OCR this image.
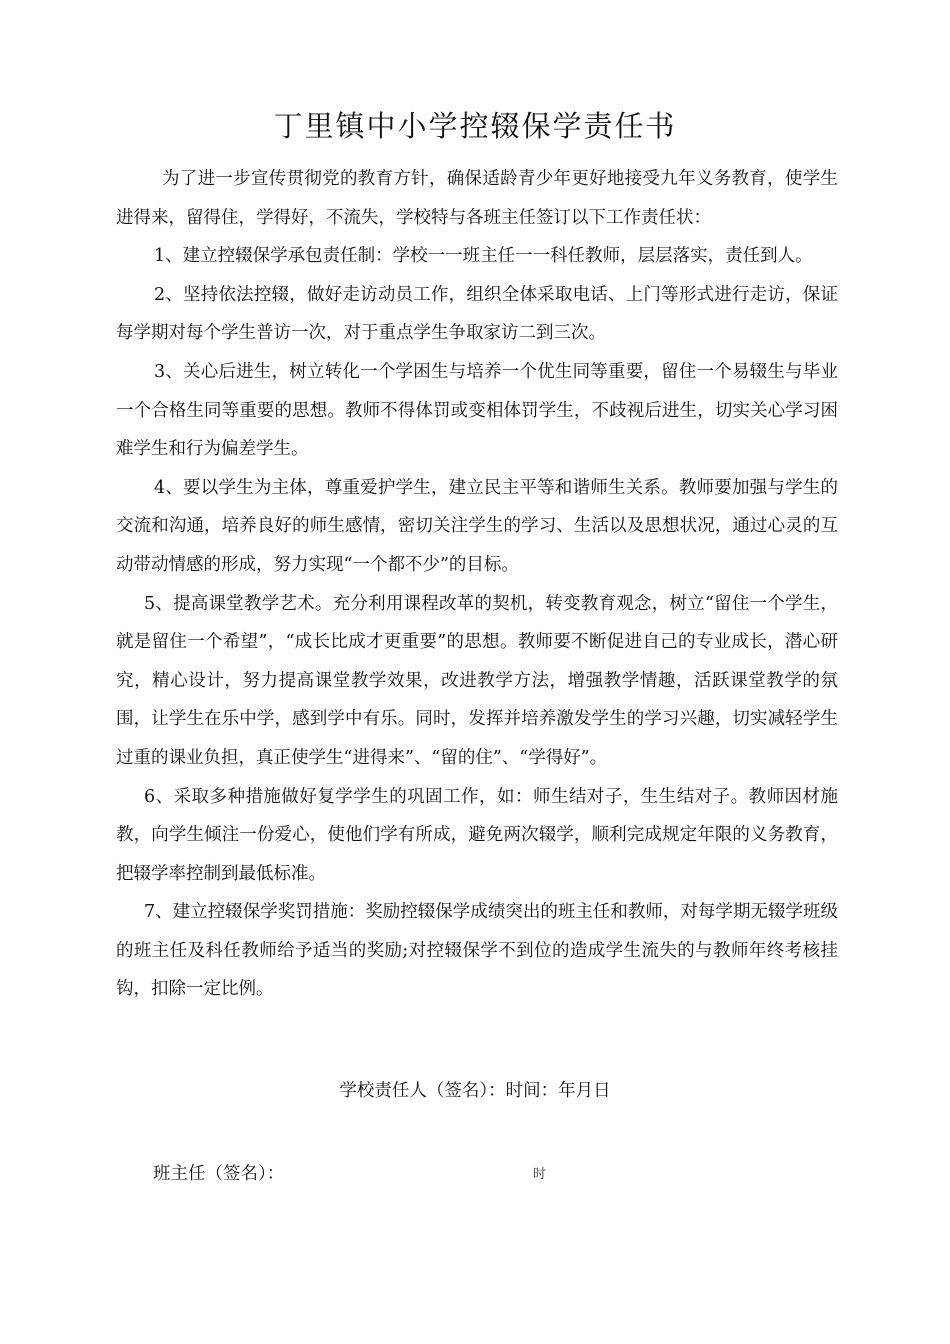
丁里镇中小学控辍保学责任书

为了进一步宣传贯彻党的教育方针，确保适龄青少年更好地接受九年义务教育，使学生进得来，留得住，学得好，不流失，学校特与各班主任签订以下工作责任状：

1、建立控辍保学承包责任制：学校一一班主任一一科任教师，层层落实，责任到人。

2、坚持依法控辍，做好走访动员工作，组织全体采取电话、上门等形式进行走访，保证每学期对每个学生普访一次，对于重点学生争取家访二到三次。

3、关心后进生，树立转化一个学困生与培养一个优生同等重要，留住一个易辍生与毕业一个合格生同等重要的思想。教师不得体罚或变相体罚学生，不歧视后进生，切实关心学习困难学生和行为偏差学生。

4、要以学生为主体，尊重爱护学生，建立民主平等和谐师生关系。教师要加强与学生的交流和沟通，培养良好的师生感情，密切关注学生的学习、生活以及思想状况，通过心灵的互动带动情感的形成，努力实现“一个都不少”的目标。

5、提高课堂教学艺术。充分利用课程改革的契机，转变教育观念，树立“留住一个学生，就是留住一个希望”，“成长比成才更重要”的思想。教师要不断促进自己的专业成长，潜心研究，精心设计，努力提高课堂教学效果，改进教学方法，增强教学情趣，活跃课堂教学的氛围，让学生在乐中学，感到学中有乐。同时，发挥并培养激发学生的学习兴趣，切实减轻学生过重的课业负担，真正使学生“进得来”、“留的住”、“学得好”。

6、采取多种措施做好复学学生的巩固工作，如：师生结对子，生生结对子。教师因材施教，向学生倾注一份爱心，使他们学有所成，避免两次辍学，顺利完成规定年限的义务教育，把辍学率控制到最低标准。

7、建立控辍保学奖罚措施：奖励控辍保学成绩突出的班主任和教师，对每学期无辍学班级的班主任及科任教师给予适当的奖励;对控辍保学不到位的造成学生流失的与教师年终考核挂钩，扣除一定比例。

学校责任人（签名）：时间：年月日
班主任（签名）：	时
